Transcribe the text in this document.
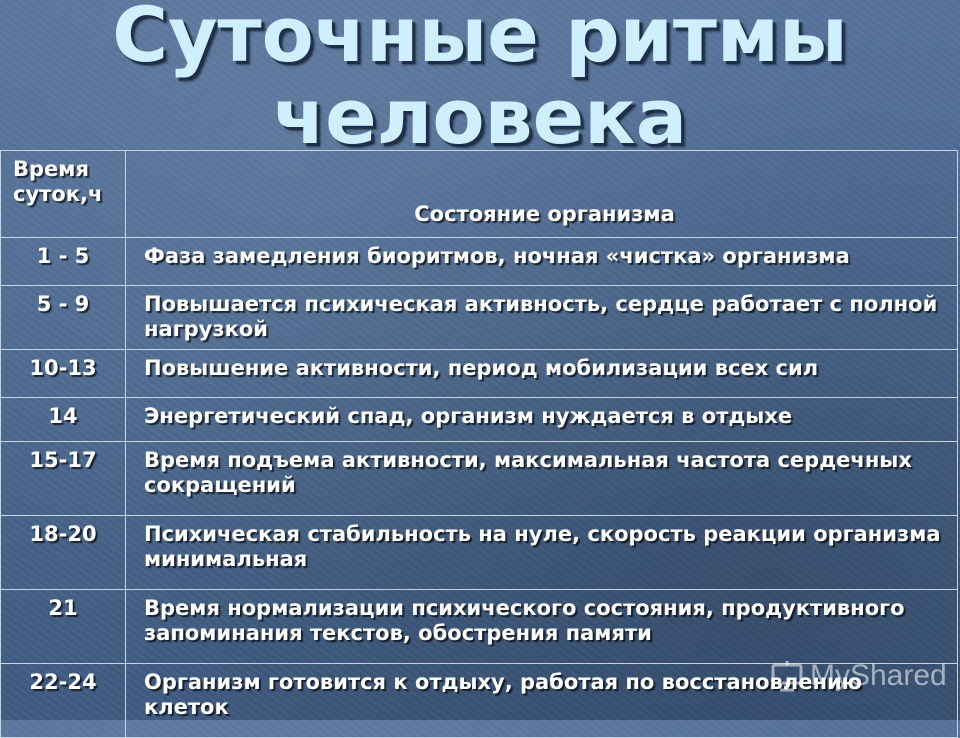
Суточные ритмы человека
Время суток,ч	Состояние организма
1 - 5	Фаза замедления биоритмов, ночная «чистка» организма
5 - 9	Повышается психическая активность, сердце работает с полной нагрузкой
10-13	Повышение активности, период мобилизации всех сил
14	Энергетический спад, организм нуждается в отдыхе
15-17	Время подъема активности, максимальная частота сердечных сокращений
18-20	Психическая стабильность на нуле, скорость реакции организма минимальная
21	Время нормализации психического состояния, продуктивного запоминания текстов, обострения памяти
22-24	Организм готовится к отдыху, работая по восстановлению клеток
MyShared
